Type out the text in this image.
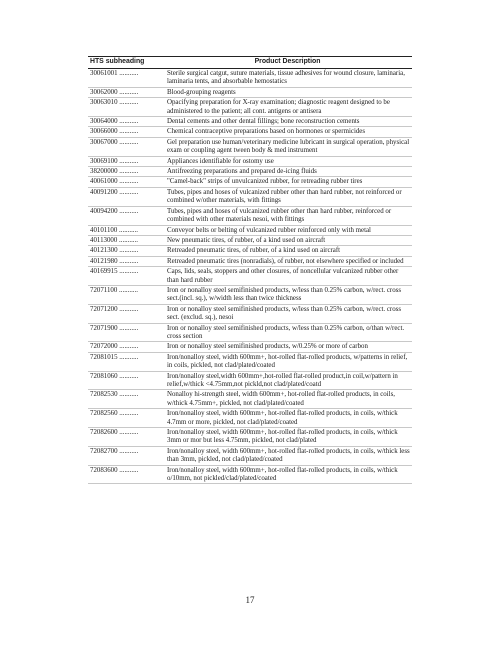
HTS subheading	Product Description
30061001 ...........	Sterile surgical catgut, suture materials, tissue adhesives for wound closure, laminaria, laminaria tents, and absorbable hemostatics
30062000 ...........	Blood-grouping reagents
30063010 ...........	Opacifying preparation for X-ray examination; diagnostic reagent designed to be administered to the patient; all cont. antigens or antisera
30064000 ...........	Dental cements and other dental fillings; bone reconstruction cements
30066000 ...........	Chemical contraceptive preparations based on hormones or spermicides
30067000 ...........	Gel preparation use human/veterinary medicine lubricant in surgical operation, physical exam or coupling agent tween body & med instrument
30069100 ...........	Appliances identifiable for ostomy use
38200000 ...........	Antifreezing preparations and prepared de-icing fluids
40061000 ...........	"Camel-back" strips of unvulcanized rubber, for retreading rubber tires
40091200 ...........	Tubes, pipes and hoses of vulcanized rubber other than hard rubber, not reinforced or combined w/other materials, with fittings
40094200 ...........	Tubes, pipes and hoses of vulcanized rubber other than hard rubber, reinforced or combined with other materials nesoi, with fittings
40101100 ...........	Conveyor belts or belting of vulcanized rubber reinforced only with metal
40113000 ...........	New pneumatic tires, of rubber, of a kind used on aircraft
40121300 ...........	Retreaded pneumatic tires, of rubber, of a kind used on aircraft
40121980 ...........	Retreaded pneumatic tires (nonradials), of rubber, not elsewhere specified or included
40169915 ...........	Caps, lids, seals, stoppers and other closures, of noncellular vulcanized rubber other than hard rubber
72071100 ...........	Iron or nonalloy steel semifinished products, w/less than 0.25% carbon, w/rect. cross sect.(incl. sq.), w/width less than twice thickness
72071200 ...........	Iron or nonalloy steel semifinished products, w/less than 0.25% carbon, w/rect. cross sect. (exclud. sq.), nesoi
72071900 ...........	Iron or nonalloy steel semifinished products, w/less than 0.25% carbon, o/than w/rect. cross section
72072000 ...........	Iron or nonalloy steel semifinished products, w/0.25% or more of carbon
72081015 ...........	Iron/nonalloy steel, width 600mm+, hot-rolled flat-rolled products, w/patterns in relief, in coils, pickled, not clad/plated/coated
72081060 ...........	Iron/nonalloy steel,width 600mm+,hot-rolled flat-rolled product,in coil,w/pattern in relief,w/thick <4.75mm,not pickld,not clad/plated/coatd
72082530 ...........	Nonalloy hi-strength steel, width 600mm+, hot-rolled flat-rolled products, in coils, w/thick 4.75mm+, pickled, not clad/plated/coated
72082560 ...........	Iron/nonalloy steel, width 600mm+, hot-rolled flat-rolled products, in coils, w/thick 4.7mm or more, pickled, not clad/plated/coated
72082600 ...........	Iron/nonalloy steel, width 600mm+, hot-rolled flat-rolled products, in coils, w/thick 3mm or mor but less 4.75mm, pickled, not clad/plated
72082700 ...........	Iron/nonalloy steel, width 600mm+, hot-rolled flat-rolled products, in coils, w/thick less than 3mm, pickled, not clad/plated/coated
72083600 ...........	Iron/nonalloy steel, width 600mm+, hot-rolled flat-rolled products, in coils, w/thick o/10mm, not pickled/clad/plated/coated
17
